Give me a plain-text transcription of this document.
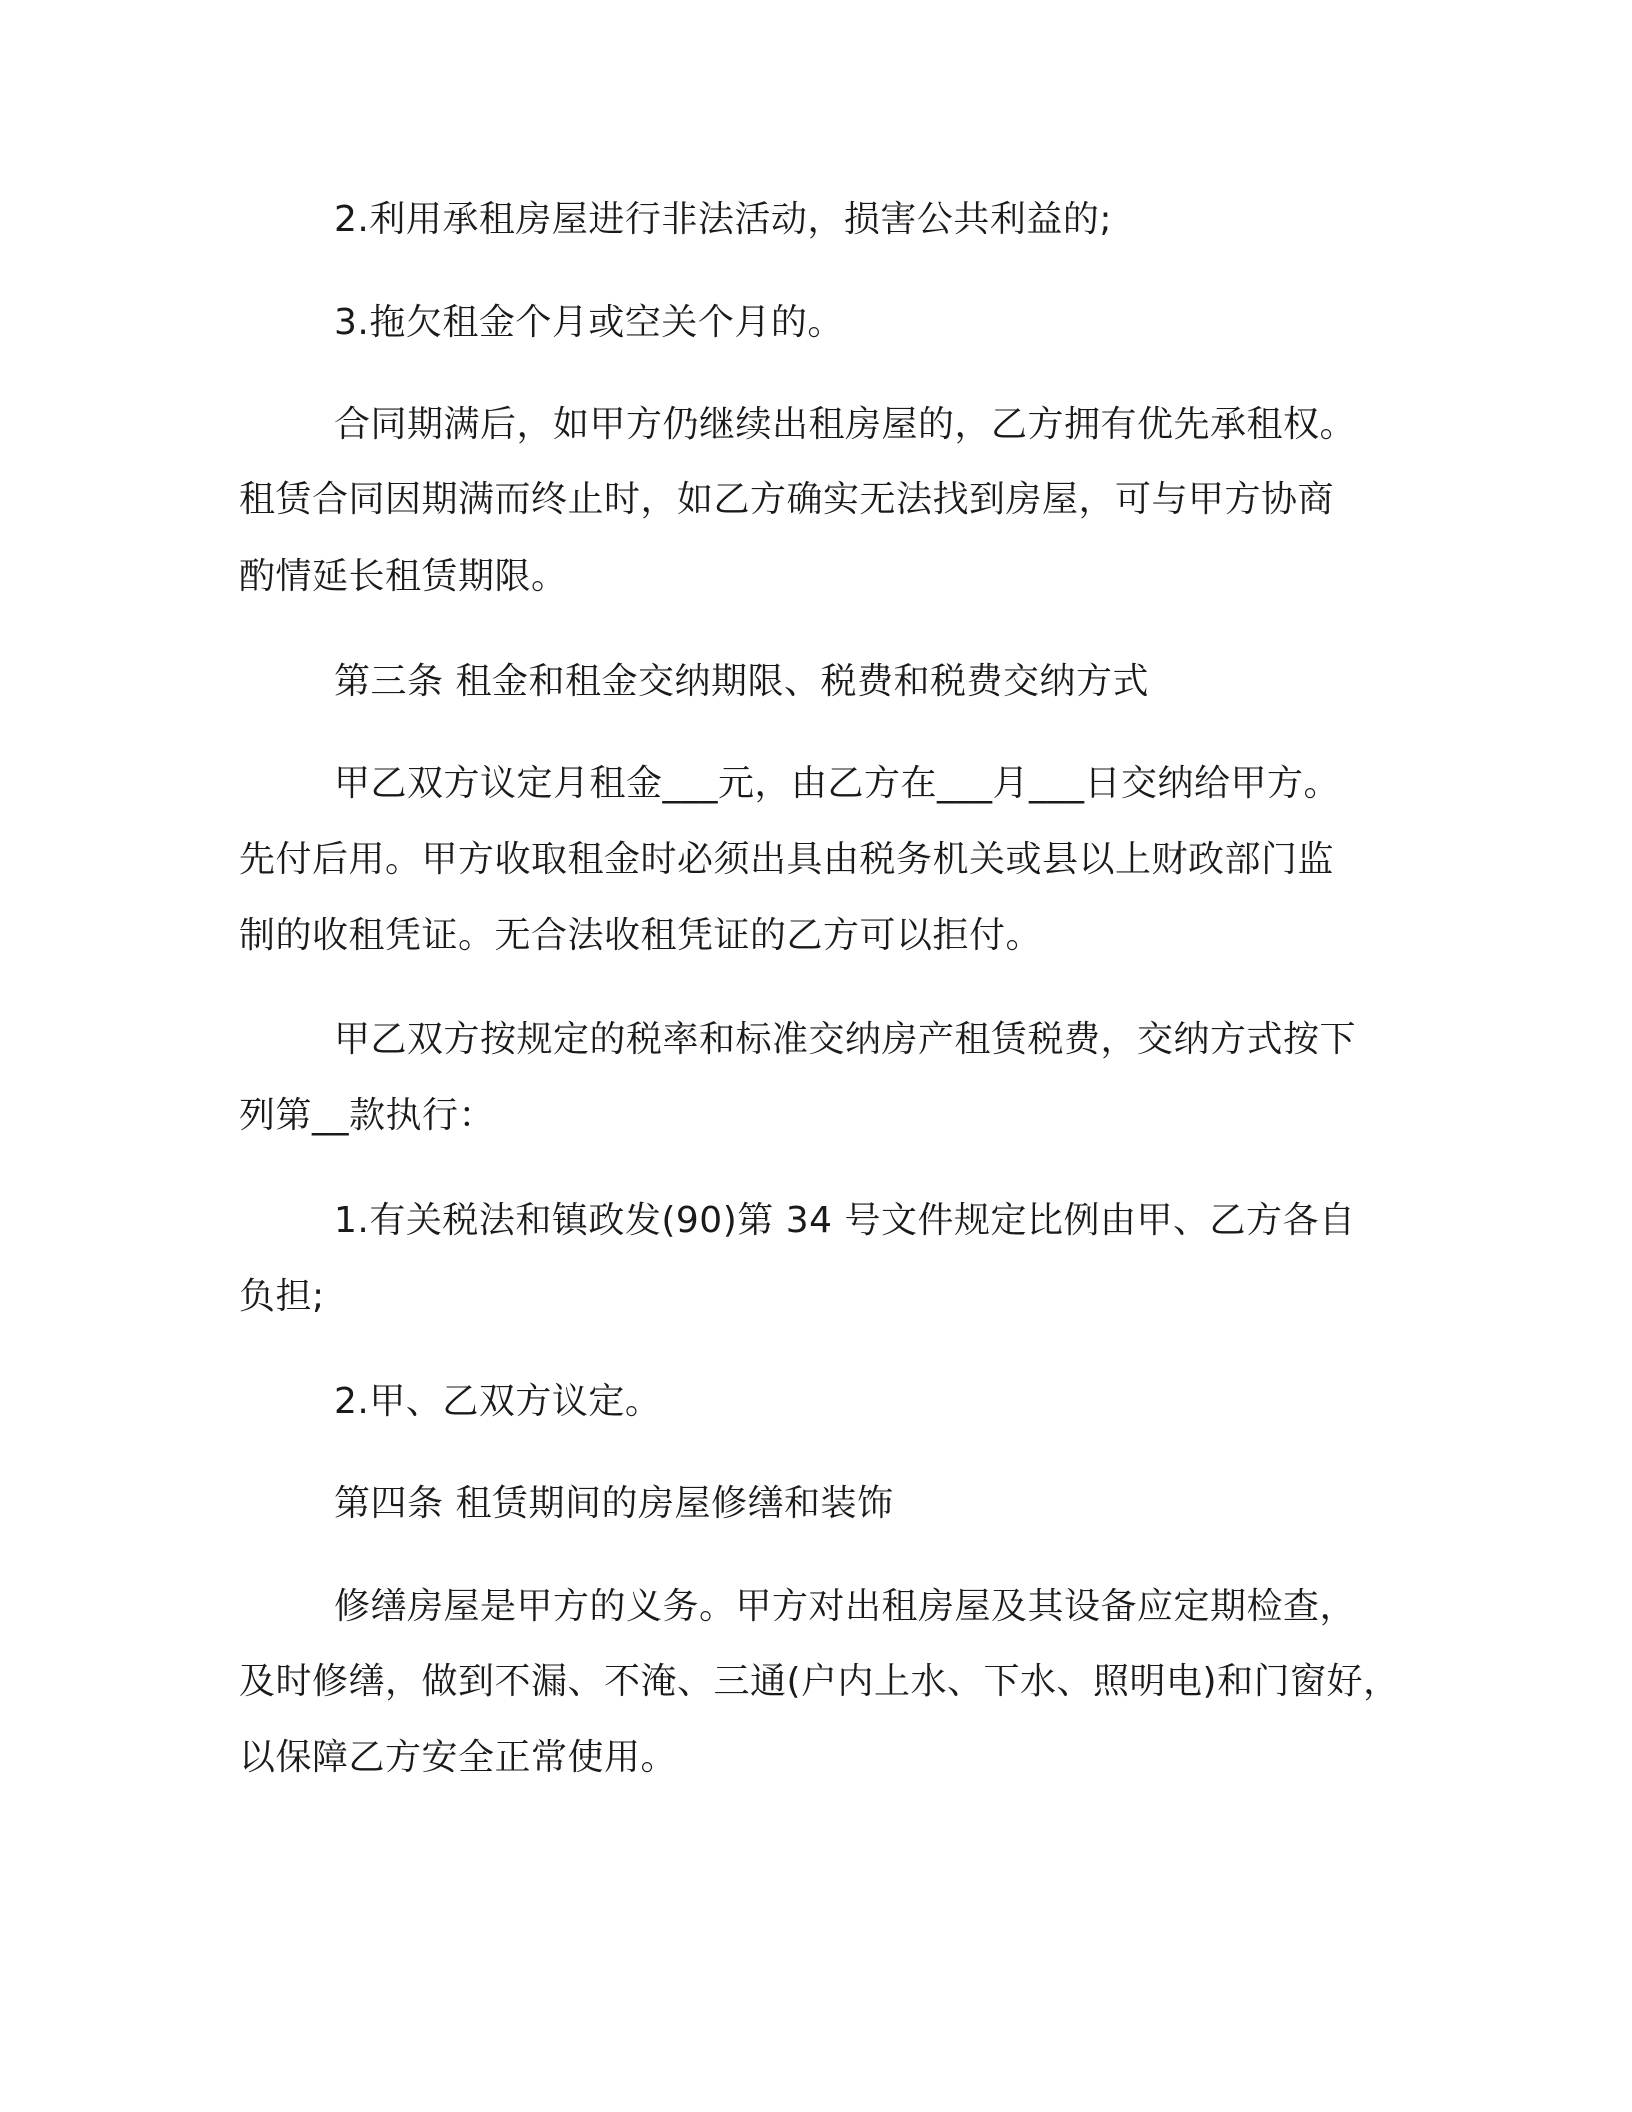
2.利用承租房屋进行非法活动，损害公共利益的;
3.拖欠租金个月或空关个月的。
合同期满后，如甲方仍继续出租房屋的，乙方拥有优先承租权。
租赁合同因期满而终止时，如乙方确实无法找到房屋，可与甲方协商
酌情延长租赁期限。
第三条 租金和租金交纳期限、税费和税费交纳方式
甲乙双方议定月租金___元，由乙方在___月___日交纳给甲方。
先付后用。甲方收取租金时必须出具由税务机关或县以上财政部门监
制的收租凭证。无合法收租凭证的乙方可以拒付。
甲乙双方按规定的税率和标准交纳房产租赁税费，交纳方式按下
列第__款执行：
1.有关税法和镇政发(90)第 34 号文件规定比例由甲、乙方各自
负担;
2.甲、乙双方议定。
第四条 租赁期间的房屋修缮和装饰
修缮房屋是甲方的义务。甲方对出租房屋及其设备应定期检查，
及时修缮，做到不漏、不淹、三通(户内上水、下水、照明电)和门窗好，
以保障乙方安全正常使用。
